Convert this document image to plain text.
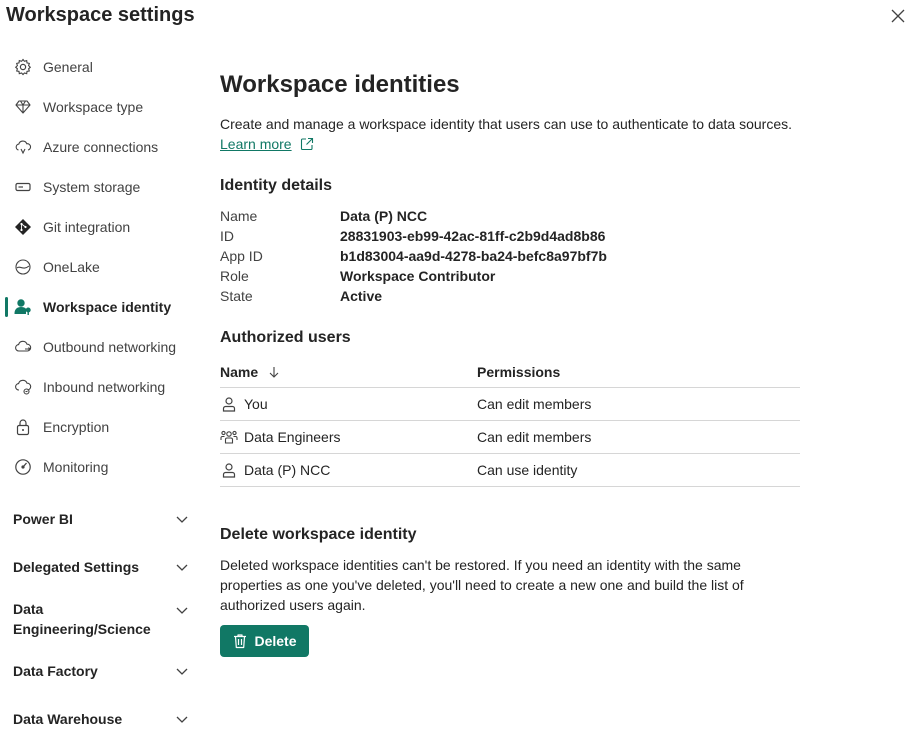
Workspace settings
General
Workspace type
Azure connections
System storage
Git integration
OneLake
Workspace identity
Outbound networking
Inbound networking
Encryption
Monitoring
Power BI
Delegated Settings
Data Engineering/Science
Data Factory
Data Warehouse
Workspace identities

Create and manage a workspace identity that users can use to authenticate to data sources.

Learn more
Identity details
Name	Data (P) NCC
ID	28831903-eb99-42ac-81ff-c2b9d4ad8b86
App ID	b1d83004-aa9d-4278-ba24-befc8a97bf7b
Role	Workspace Contributor
State	Active
Authorized users
Name	Permissions
You	Can edit members
Data Engineers	Can edit members
Data (P) NCC	Can use identity
Delete workspace identity

Deleted workspace identities can't be restored. If you need an identity with the same properties as one you've deleted, you'll need to create a new one and build the list of authorized users again.

Delete
